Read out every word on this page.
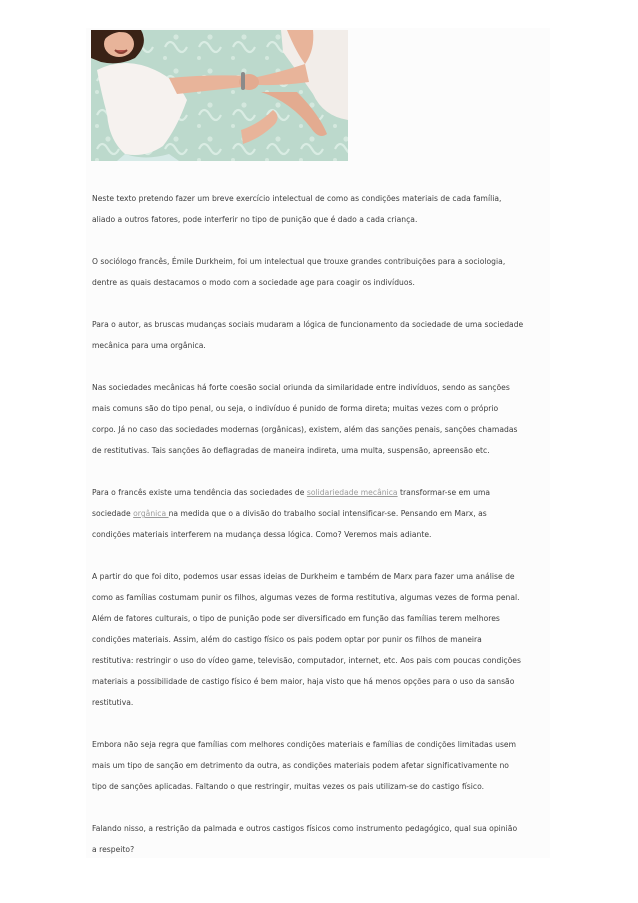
Neste texto pretendo fazer um breve exercício intelectual de como as condições materiais de cada família,
aliado a outros fatores, pode interferir no tipo de punição que é dado a cada criança.

O sociólogo francês, Émile Durkheim, foi um intelectual que trouxe grandes contribuições para a sociologia,
dentre as quais destacamos o modo com a sociedade age para coagir os indivíduos.

Para o autor, as bruscas mudanças sociais mudaram a lógica de funcionamento da sociedade de uma sociedade
mecânica para uma orgânica.

Nas sociedades mecânicas há forte coesão social oriunda da similaridade entre indivíduos, sendo as sanções
mais comuns são do tipo penal, ou seja, o indivíduo é punido de forma direta; muitas vezes com o próprio
corpo. Já no caso das sociedades modernas (orgânicas), existem, além das sanções penais, sanções chamadas
de restitutivas. Tais sanções ão deflagradas de maneira indireta, uma multa, suspensão, apreensão etc.

Para o francês existe uma tendência das sociedades de solidariedade mecânica transformar-se em uma
sociedade orgânica na medida que o a divisão do trabalho social intensificar-se. Pensando em Marx, as
condições materiais interferem na mudança dessa lógica. Como? Veremos mais adiante.

A partir do que foi dito, podemos usar essas ideias de Durkheim e também de Marx para fazer uma análise de
como as famílias costumam punir os filhos, algumas vezes de forma restitutiva, algumas vezes de forma penal.
Além de fatores culturais, o tipo de punição pode ser diversificado em função das famílias terem melhores
condições materiais. Assim, além do castigo físico os pais podem optar por punir os filhos de maneira
restitutiva: restringir o uso do vídeo game, televisão, computador, internet, etc. Aos pais com poucas condições
materiais a possibilidade de castigo físico é bem maior, haja visto que há menos opções para o uso da sansão
restitutiva.

Embora não seja regra que famílias com melhores condições materiais e famílias de condições limitadas usem
mais um tipo de sanção em detrimento da outra, as condições materiais podem afetar significativamente no
tipo de sanções aplicadas. Faltando o que restringir, muitas vezes os pais utilizam-se do castigo físico.

Falando nisso, a restrição da palmada e outros castigos físicos como instrumento pedagógico, qual sua opinião
a respeito?
